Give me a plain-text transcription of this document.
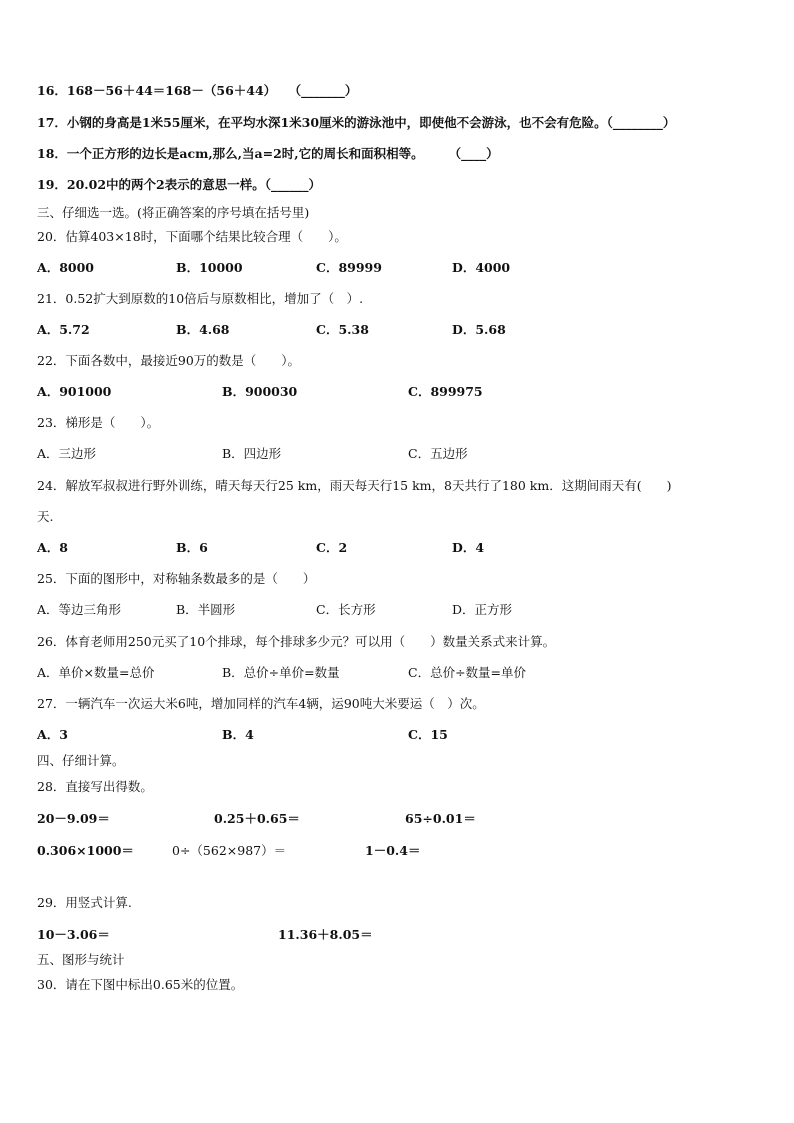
16．168－56＋44＝168－（56＋44）　　（_______）
17．小钢的身高是1米55厘米，在平均水深1米30厘米的游泳池中，即使他不会游泳，也不会有危险。（________）
18．一个正方形的边长是acm,那么,当a=2时,它的周长和面积相等。　　　（____）
19．20.02中的两个2表示的意思一样。（______）
三、仔细选一选。(将正确答案的序号填在括号里)
20．估算403×18时，下面哪个结果比较合理（　　）。
A．8000	B．10000	C．89999	D．4000
21．0.52扩大到原数的10倍后与原数相比，增加了（　）.
A．5.72	B．4.68	C．5.38	D．5.68
22．下面各数中，最接近90万的数是（　　）。
A．901000	B．900030	C．899975
23．梯形是（　　）。
A．三边形	B．四边形	C．五边形
24．解放军叔叔进行野外训练，晴天每天行25 km，雨天每天行15 km，8天共行了180 km．这期间雨天有(　　)
天.
A．8	B．6	C．2	D．4
25．下面的图形中，对称轴条数最多的是（　　）
A．等边三角形	B．半圆形	C．长方形	D．正方形
26．体育老师用250元买了10个排球，每个排球多少元？可以用（　　）数量关系式来计算。
A．单价×数量=总价	B．总价÷单价=数量	C．总价÷数量=单价
27．一辆汽车一次运大米6吨，增加同样的汽车4辆，运90吨大米要运（　）次。
A．3	B．4	C．15
四、仔细计算。
28．直接写出得数。
20－9.09＝	0.25＋0.65＝	65÷0.01＝
0.306×1000＝	0÷（562×987）＝	1－0.4＝
29．用竖式计算.
10－3.06＝	11.36＋8.05＝
五、图形与统计
30．请在下图中标出0.65米的位置。
